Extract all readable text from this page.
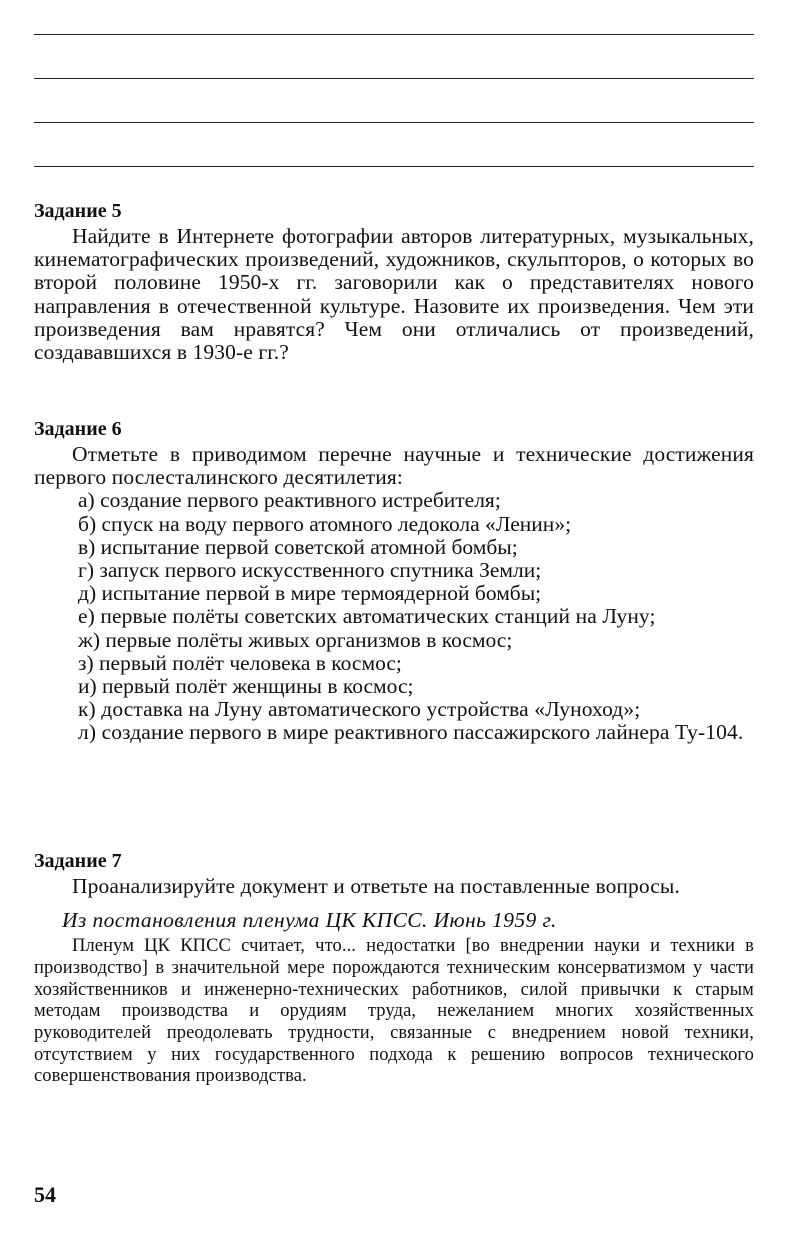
Задание 5

Найдите в Интернете фотографии авторов литературных, музыкальных, кинематографических произведений, художников, скульпторов, о которых во второй половине 1950-х гг. заговорили как о представителях нового направления в отечественной культуре. Назовите их произведения. Чем эти произведения вам нравятся? Чем они отличались от произведений, создававшихся в 1930-е гг.?

Задание 6

Отметьте в приводимом перечне научные и технические достижения первого послесталинского десятилетия:

а) создание первого реактивного истребителя;

б) спуск на воду первого атомного ледокола «Ленин»;

в) испытание первой советской атомной бомбы;

г) запуск первого искусственного спутника Земли;

д) испытание первой в мире термоядерной бомбы;

е) первые полёты советских автоматических станций на Луну;

ж) первые полёты живых организмов в космос;

з) первый полёт человека в космос;

и) первый полёт женщины в космос;

к) доставка на Луну автоматического устройства «Луноход»;

л) создание первого в мире реактивного пассажирского лайнера Ту-104.

Задание 7

Проанализируйте документ и ответьте на поставленные вопросы.

Из постановления пленума ЦК КПСС. Июнь 1959 г.

Пленум ЦК КПСС считает, что... недостатки [во внедрении науки и техники в производство] в значительной мере порождаются техническим консерватизмом у части хозяйственников и инженерно-технических работников, силой привычки к старым методам производства и орудиям труда, нежеланием многих хозяйственных руководителей преодолевать трудности, связанные с внедрением новой техники, отсутствием у них государственного подхода к решению вопросов технического совершенствования производства.

54
